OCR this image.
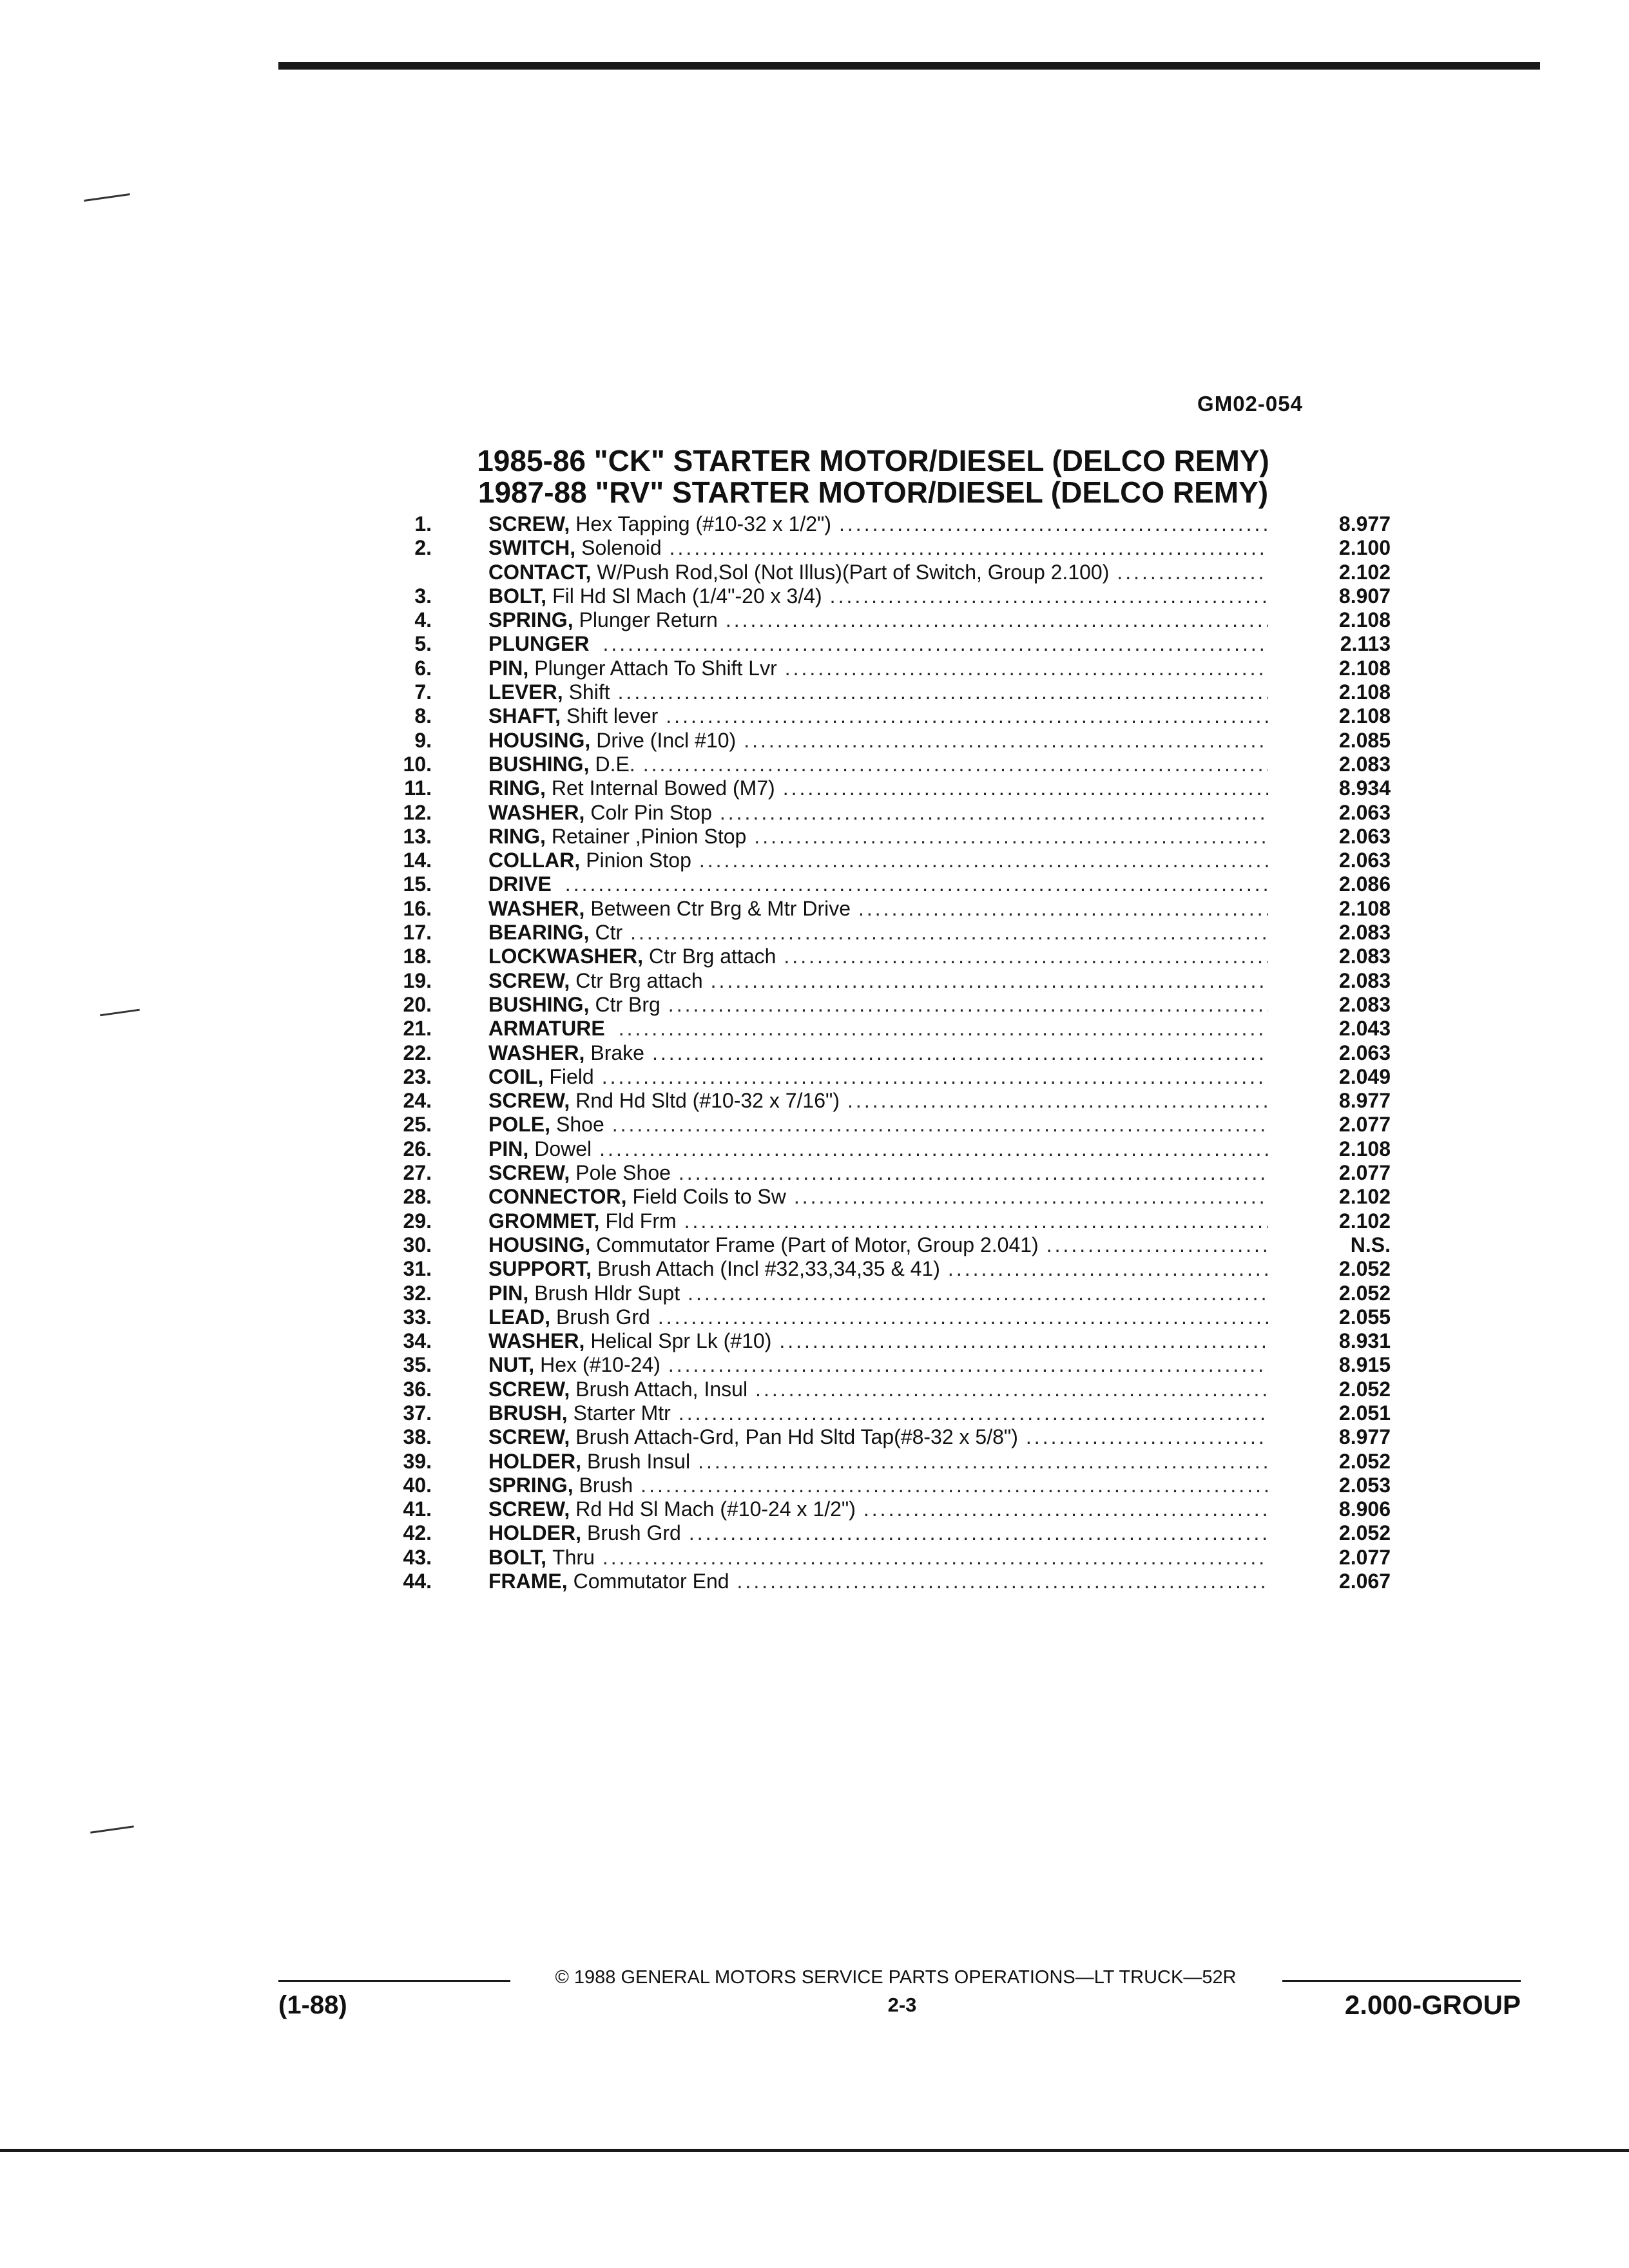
GM02-054
1985-86 "CK" STARTER MOTOR/DIESEL (DELCO REMY)
1987-88 "RV" STARTER MOTOR/DIESEL (DELCO REMY)
1.	SCREW, Hex Tapping (#10-32 x 1/2") .....	8.977
2.	SWITCH, Solenoid .....	2.100
CONTACT, W/Push Rod,Sol (Not Illus)(Part of Switch, Group 2.100) .....	2.102
3.	BOLT, Fil Hd Sl Mach (1/4"-20 x 3/4) .....	8.907
4.	SPRING, Plunger Return .....	2.108
5.	PLUNGER .....	2.113
6.	PIN, Plunger Attach To Shift Lvr .....	2.108
7.	LEVER, Shift .....	2.108
8.	SHAFT, Shift lever .....	2.108
9.	HOUSING, Drive (Incl #10) .....	2.085
10.	BUSHING, D.E. .....	2.083
11.	RING, Ret Internal Bowed (M7) .....	8.934
12.	WASHER, Colr Pin Stop .....	2.063
13.	RING, Retainer ,Pinion Stop .....	2.063
14.	COLLAR, Pinion Stop .....	2.063
15.	DRIVE .....	2.086
16.	WASHER, Between Ctr Brg & Mtr Drive .....	2.108
17.	BEARING, Ctr .....	2.083
18.	LOCKWASHER, Ctr Brg attach .....	2.083
19.	SCREW, Ctr Brg attach .....	2.083
20.	BUSHING, Ctr Brg .....	2.083
21.	ARMATURE .....	2.043
22.	WASHER, Brake .....	2.063
23.	COIL, Field .....	2.049
24.	SCREW, Rnd Hd Sltd (#10-32 x 7/16") .....	8.977
25.	POLE, Shoe .....	2.077
26.	PIN, Dowel .....	2.108
27.	SCREW, Pole Shoe .....	2.077
28.	CONNECTOR, Field Coils to Sw .....	2.102
29.	GROMMET, Fld Frm .....	2.102
30.	HOUSING, Commutator Frame (Part of Motor, Group 2.041) .....	N.S.
31.	SUPPORT, Brush Attach (Incl #32,33,34,35 & 41) .....	2.052
32.	PIN, Brush Hldr Supt .....	2.052
33.	LEAD, Brush Grd .....	2.055
34.	WASHER, Helical Spr Lk (#10) .....	8.931
35.	NUT, Hex (#10-24) .....	8.915
36.	SCREW, Brush Attach, Insul .....	2.052
37.	BRUSH, Starter Mtr .....	2.051
38.	SCREW, Brush Attach-Grd, Pan Hd Sltd Tap(#8-32 x 5/8") .....	8.977
39.	HOLDER, Brush Insul .....	2.052
40.	SPRING, Brush .....	2.053
41.	SCREW, Rd Hd Sl Mach (#10-24 x 1/2") .....	8.906
42.	HOLDER, Brush Grd .....	2.052
43.	BOLT, Thru .....	2.077
44.	FRAME, Commutator End .....	2.067
© 1988 GENERAL MOTORS SERVICE PARTS OPERATIONS—LT TRUCK—52R
(1-88)	2-3	2.000-GROUP
